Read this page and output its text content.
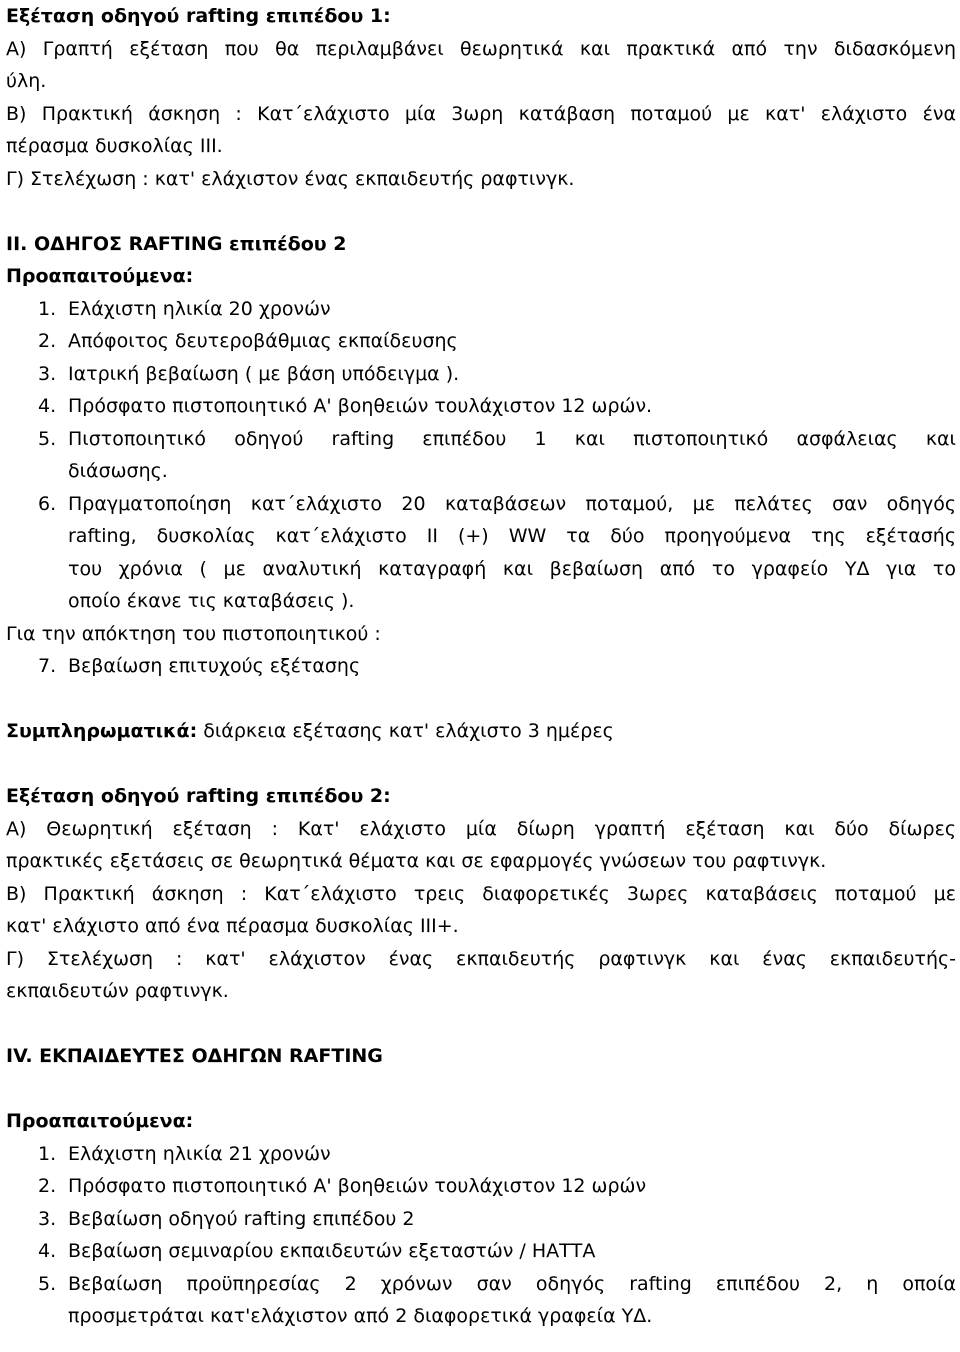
Εξέταση οδηγού rafting επιπέδου 1:
Α) Γραπτή εξέταση που θα περιλαμβάνει θεωρητικά και πρακτικά από την διδασκόμενη
ύλη.
Β) Πρακτική άσκηση : Κατ΄ελάχιστο μία 3ωρη κατάβαση ποταμού με κατ' ελάχιστο ένα
πέρασμα δυσκολίας ΙΙΙ.
Γ) Στελέχωση : κατ' ελάχιστον ένας εκπαιδευτής ραφτινγκ.
ΙΙ. ΟΔΗΓΟΣ RAFTING επιπέδου 2
Προαπαιτούμενα:
1. Ελάχιστη ηλικία 20 χρονών
2. Απόφοιτος δευτεροβάθμιας εκπαίδευσης
3. Ιατρική βεβαίωση ( με βάση υπόδειγμα ).
4. Πρόσφατο πιστοποιητικό Α' βοηθειών τουλάχιστον 12 ωρών.
5. Πιστοποιητικό οδηγού rafting επιπέδου 1 και πιστοποιητικό ασφάλειας και
διάσωσης.
6. Πραγματοποίηση κατ΄ελάχιστο 20 καταβάσεων ποταμού, με πελάτες σαν οδηγός
rafting, δυσκολίας κατ΄ελάχιστο ΙΙ (+) WW τα δύο προηγούμενα της εξέτασής
του χρόνια ( με αναλυτική καταγραφή και βεβαίωση από το γραφείο ΥΔ για το
οποίο έκανε τις καταβάσεις ).
Για την απόκτηση του πιστοποιητικού :
7. Βεβαίωση επιτυχούς εξέτασης
Συμπληρωματικά: διάρκεια εξέτασης κατ' ελάχιστο 3 ημέρες
Εξέταση οδηγού rafting επιπέδου 2:
Α) Θεωρητική εξέταση : Κατ' ελάχιστο μία δίωρη γραπτή εξέταση και δύο δίωρες
πρακτικές εξετάσεις σε θεωρητικά θέματα και σε εφαρμογές γνώσεων του ραφτινγκ.
Β) Πρακτική άσκηση : Κατ΄ελάχιστο τρεις διαφορετικές 3ωρες καταβάσεις ποταμού με
κατ' ελάχιστο από ένα πέρασμα δυσκολίας ΙΙΙ+.
Γ) Στελέχωση : κατ' ελάχιστον ένας εκπαιδευτής ραφτινγκ και ένας εκπαιδευτής-
εκπαιδευτών ραφτινγκ.
IV. ΕΚΠΑΙΔΕΥΤΕΣ ΟΔΗΓΩΝ RAFTING
Προαπαιτούμενα:
1. Ελάχιστη ηλικία 21 χρονών
2. Πρόσφατο πιστοποιητικό Α' βοηθειών τουλάχιστον 12 ωρών
3. Βεβαίωση οδηγού rafting επιπέδου 2
4. Βεβαίωση σεμιναρίου εκπαιδευτών εξεταστών / ΗΑΤΤΑ
5. Βεβαίωση προϋπηρεσίας 2 χρόνων σαν οδηγός rafting επιπέδου 2, η οποία
προσμετράται κατ'ελάχιστον από 2 διαφορετικά γραφεία ΥΔ.
